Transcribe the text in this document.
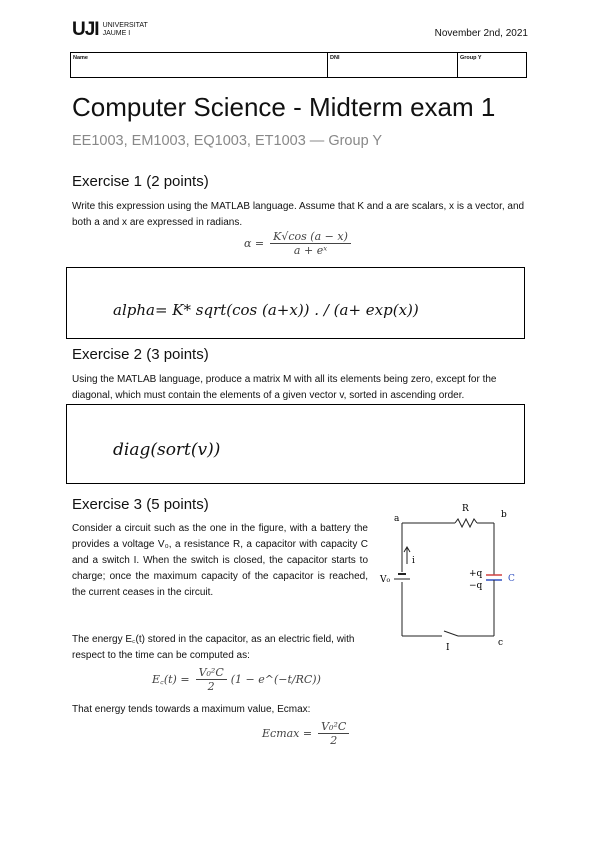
UJI UNIVERSITAT
JAUME I	November 2nd, 2021
Name	DNI	Group Y
Computer Science - Midterm exam 1
EE1003, EM1003, EQ1003, ET1003 — Group Y
Exercise 1 (2 points)
Write this expression using the MATLAB language. Assume that K and a are scalars, x is a vector, and both a and x are expressed in radians.
$\alpha = \frac{K√\cos (a - x)}{\text{a + eˣ}}$
alpha= K* sqrt(cos (a+x)) . / (a+ exp(x))
Exercise 2 (3 points)
Using the MATLAB language, produce a matrix M with all its elements being zero, except for the diagonal, which must contain the elements of a given vector v, sorted in ascending order.
diag(sort(v))
Exercise 3 (5 points)
Consider a circuit such as the one in the figure, with a battery the provides a voltage V₀, a resistance R, a capacitor with capacity C and a switch I. When the switch is closed, the capacitor starts to charge; once the maximum capacity of the capacitor is reached, the current ceases in the circuit.
The energy E꜀(t) stored in the capacitor, as an electric field, with respect to the time can be computed as:
E꜀(t) = $\frac{\text{V₀²C}}{2} (1$ − e^(−t/RC))
That energy tends towards a maximum value, Eᴄmax:
Eᴄmax = $\frac{\text{V₀²C}}{2}$
a	b
c
R
i
V₀
+q
−q
C
I
